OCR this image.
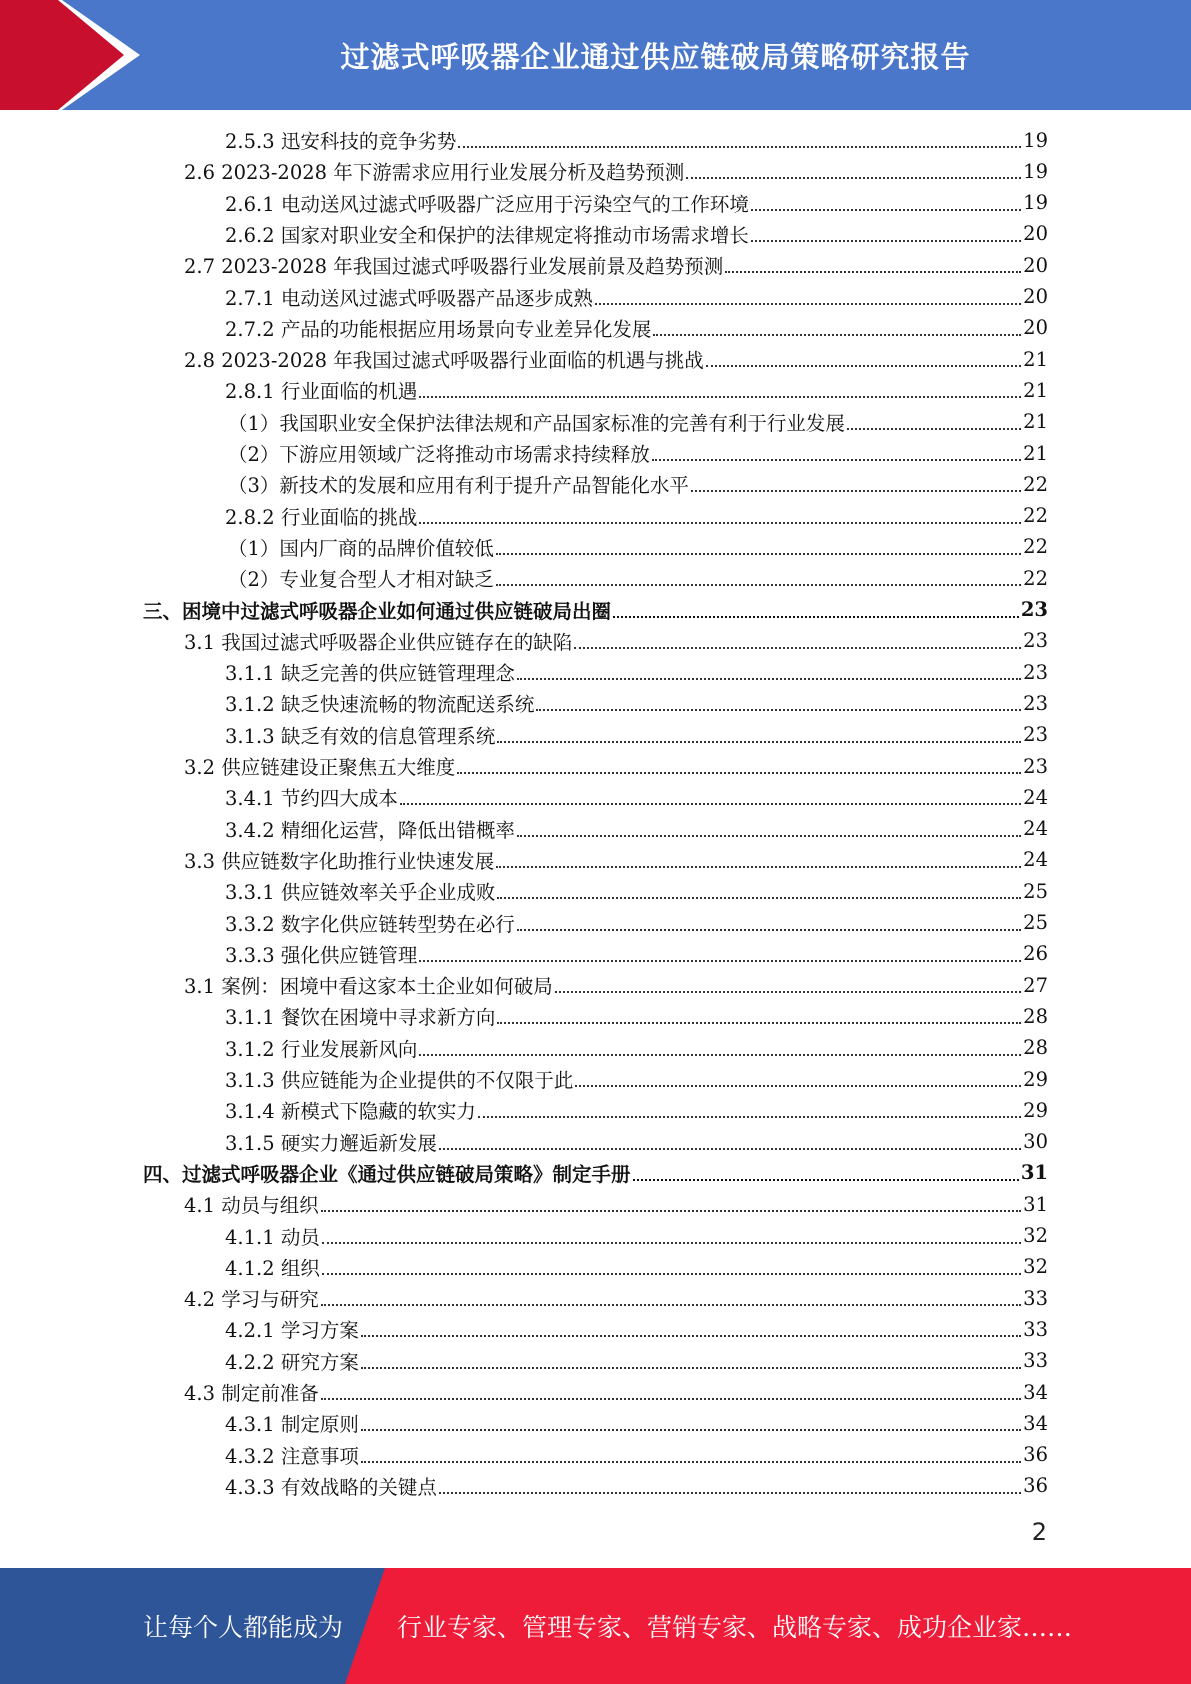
过滤式呼吸器企业通过供应链破局策略研究报告
2.5.3 迅安科技的竞争劣势	19
2.6 2023-2028 年下游需求应用行业发展分析及趋势预测	19
2.6.1 电动送风过滤式呼吸器广泛应用于污染空气的工作环境	19
2.6.2 国家对职业安全和保护的法律规定将推动市场需求增长	20
2.7 2023-2028 年我国过滤式呼吸器行业发展前景及趋势预测	20
2.7.1 电动送风过滤式呼吸器产品逐步成熟	20
2.7.2 产品的功能根据应用场景向专业差异化发展	20
2.8 2023-2028 年我国过滤式呼吸器行业面临的机遇与挑战	21
2.8.1 行业面临的机遇	21
（1）我国职业安全保护法律法规和产品国家标准的完善有利于行业发展	21
（2）下游应用领域广泛将推动市场需求持续释放	21
（3）新技术的发展和应用有利于提升产品智能化水平	22
2.8.2 行业面临的挑战	22
（1）国内厂商的品牌价值较低	22
（2）专业复合型人才相对缺乏	22
三、困境中过滤式呼吸器企业如何通过供应链破局出圈	23
3.1 我国过滤式呼吸器企业供应链存在的缺陷	23
3.1.1 缺乏完善的供应链管理理念	23
3.1.2 缺乏快速流畅的物流配送系统	23
3.1.3 缺乏有效的信息管理系统	23
3.2 供应链建设正聚焦五大维度	23
3.4.1 节约四大成本	24
3.4.2 精细化运营，降低出错概率	24
3.3 供应链数字化助推行业快速发展	24
3.3.1 供应链效率关乎企业成败	25
3.3.2 数字化供应链转型势在必行	25
3.3.3 强化供应链管理	26
3.1 案例：困境中看这家本土企业如何破局	27
3.1.1 餐饮在困境中寻求新方向	28
3.1.2 行业发展新风向	28
3.1.3 供应链能为企业提供的不仅限于此	29
3.1.4 新模式下隐藏的软实力	29
3.1.5 硬实力邂逅新发展	30
四、过滤式呼吸器企业《通过供应链破局策略》制定手册	31
4.1 动员与组织	31
4.1.1 动员	32
4.1.2 组织	32
4.2 学习与研究	33
4.2.1 学习方案	33
4.2.2 研究方案	33
4.3 制定前准备	34
4.3.1 制定原则	34
4.3.2 注意事项	36
4.3.3 有效战略的关键点	36
2
让每个人都能成为 行业专家、管理专家、营销专家、战略专家、成功企业家……
